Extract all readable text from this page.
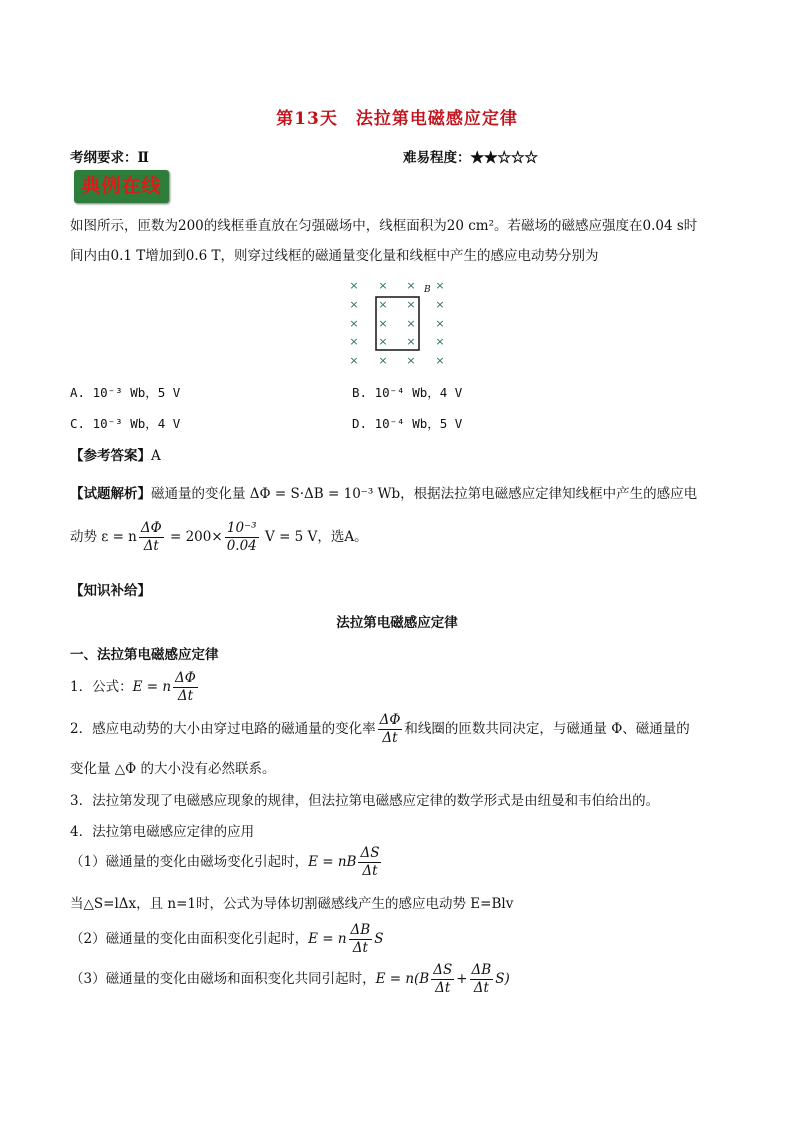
第13天　法拉第电磁感应定律
考纲要求：Ⅱ	难易程度：★★☆☆☆
典例在线
如图所示，匝数为200的线框垂直放在匀强磁场中，线框面积为20 cm²。若磁场的磁感应强度在0.04 s时
间内由0.1 T增加到0.6 T，则穿过线框的磁通量变化量和线框中产生的感应电动势分别为
× × × ×
× × × ×
× × × ×
× × × ×
× × × ×
B
A. 10⁻³ Wb，5 V	B. 10⁻⁴ Wb，4 V
C. 10⁻³ Wb，4 V	D. 10⁻⁴ Wb，5 V
【参考答案】A
【试题解析】磁通量的变化量 ΔΦ = S·ΔB = 10⁻³ Wb，根据法拉第电磁感应定律知线框中产生的感应电
动势 ε = n $\frac{\Delta\Phi}{\Delta t} = 200\times \frac{\text{10⁻³}}{0.04}$ V = 5 V，选A。
【知识补给】
法拉第电磁感应定律
一、法拉第电磁感应定律
1．公式：E = n $\frac{\Delta\Phi}{\Delta t}$
2．感应电动势的大小由穿过电路的磁通量的变化率 $\frac{\Delta\Phi}{\Delta t}$ 和线圈的匝数共同决定，与磁通量 Φ、磁通量的
变化量 △Φ 的大小没有必然联系。
3．法拉第发现了电磁感应现象的规律，但法拉第电磁感应定律的数学形式是由纽曼和韦伯给出的。
4．法拉第电磁感应定律的应用
（1）磁通量的变化由磁场变化引起时，E = nB $\frac{\Delta S}{\Delta t}$
当△S=lΔx，且 n=1时，公式为导体切割磁感线产生的感应电动势 E=Blv
（2）磁通量的变化由面积变化引起时，E = n $\frac{\Delta B}{\Delta t}$ S
（3）磁通量的变化由磁场和面积变化共同引起时，$E = n(B \frac{\Delta S}{\Delta t} + \frac{\Delta B}{\Delta t} S)$
